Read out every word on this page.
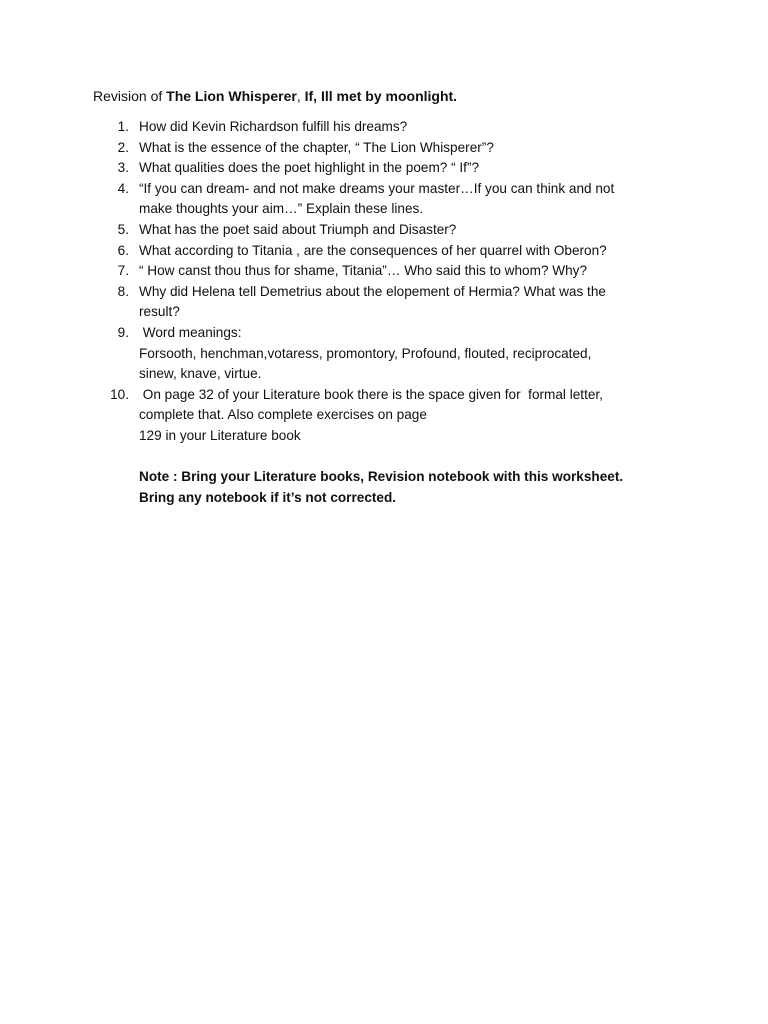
Revision of The Lion Whisperer, If, Ill met by moonlight.
1. How did Kevin Richardson fulfill his dreams?
2. What is the essence of the chapter, “ The Lion Whisperer”?
3. What qualities does the poet highlight in the poem? “ If”?
4. “If you can dream- and not make dreams your master…If you can think and not
make thoughts your aim…” Explain these lines.
5. What has the poet said about Triumph and Disaster?
6. What according to Titania , are the consequences of her quarrel with Oberon?
7. “ How canst thou thus for shame, Titania”… Who said this to whom? Why?
8. Why did Helena tell Demetrius about the elopement of Hermia? What was the
result?
9. Word meanings:
Forsooth, henchman,votaress, promontory, Profound, flouted, reciprocated,
sinew, knave, virtue.
10. On page 32 of your Literature book there is the space given for  formal letter,
complete that. Also complete exercises on page
129 in your Literature book
Note : Bring your Literature books, Revision notebook with this worksheet.
Bring any notebook if it’s not corrected.
